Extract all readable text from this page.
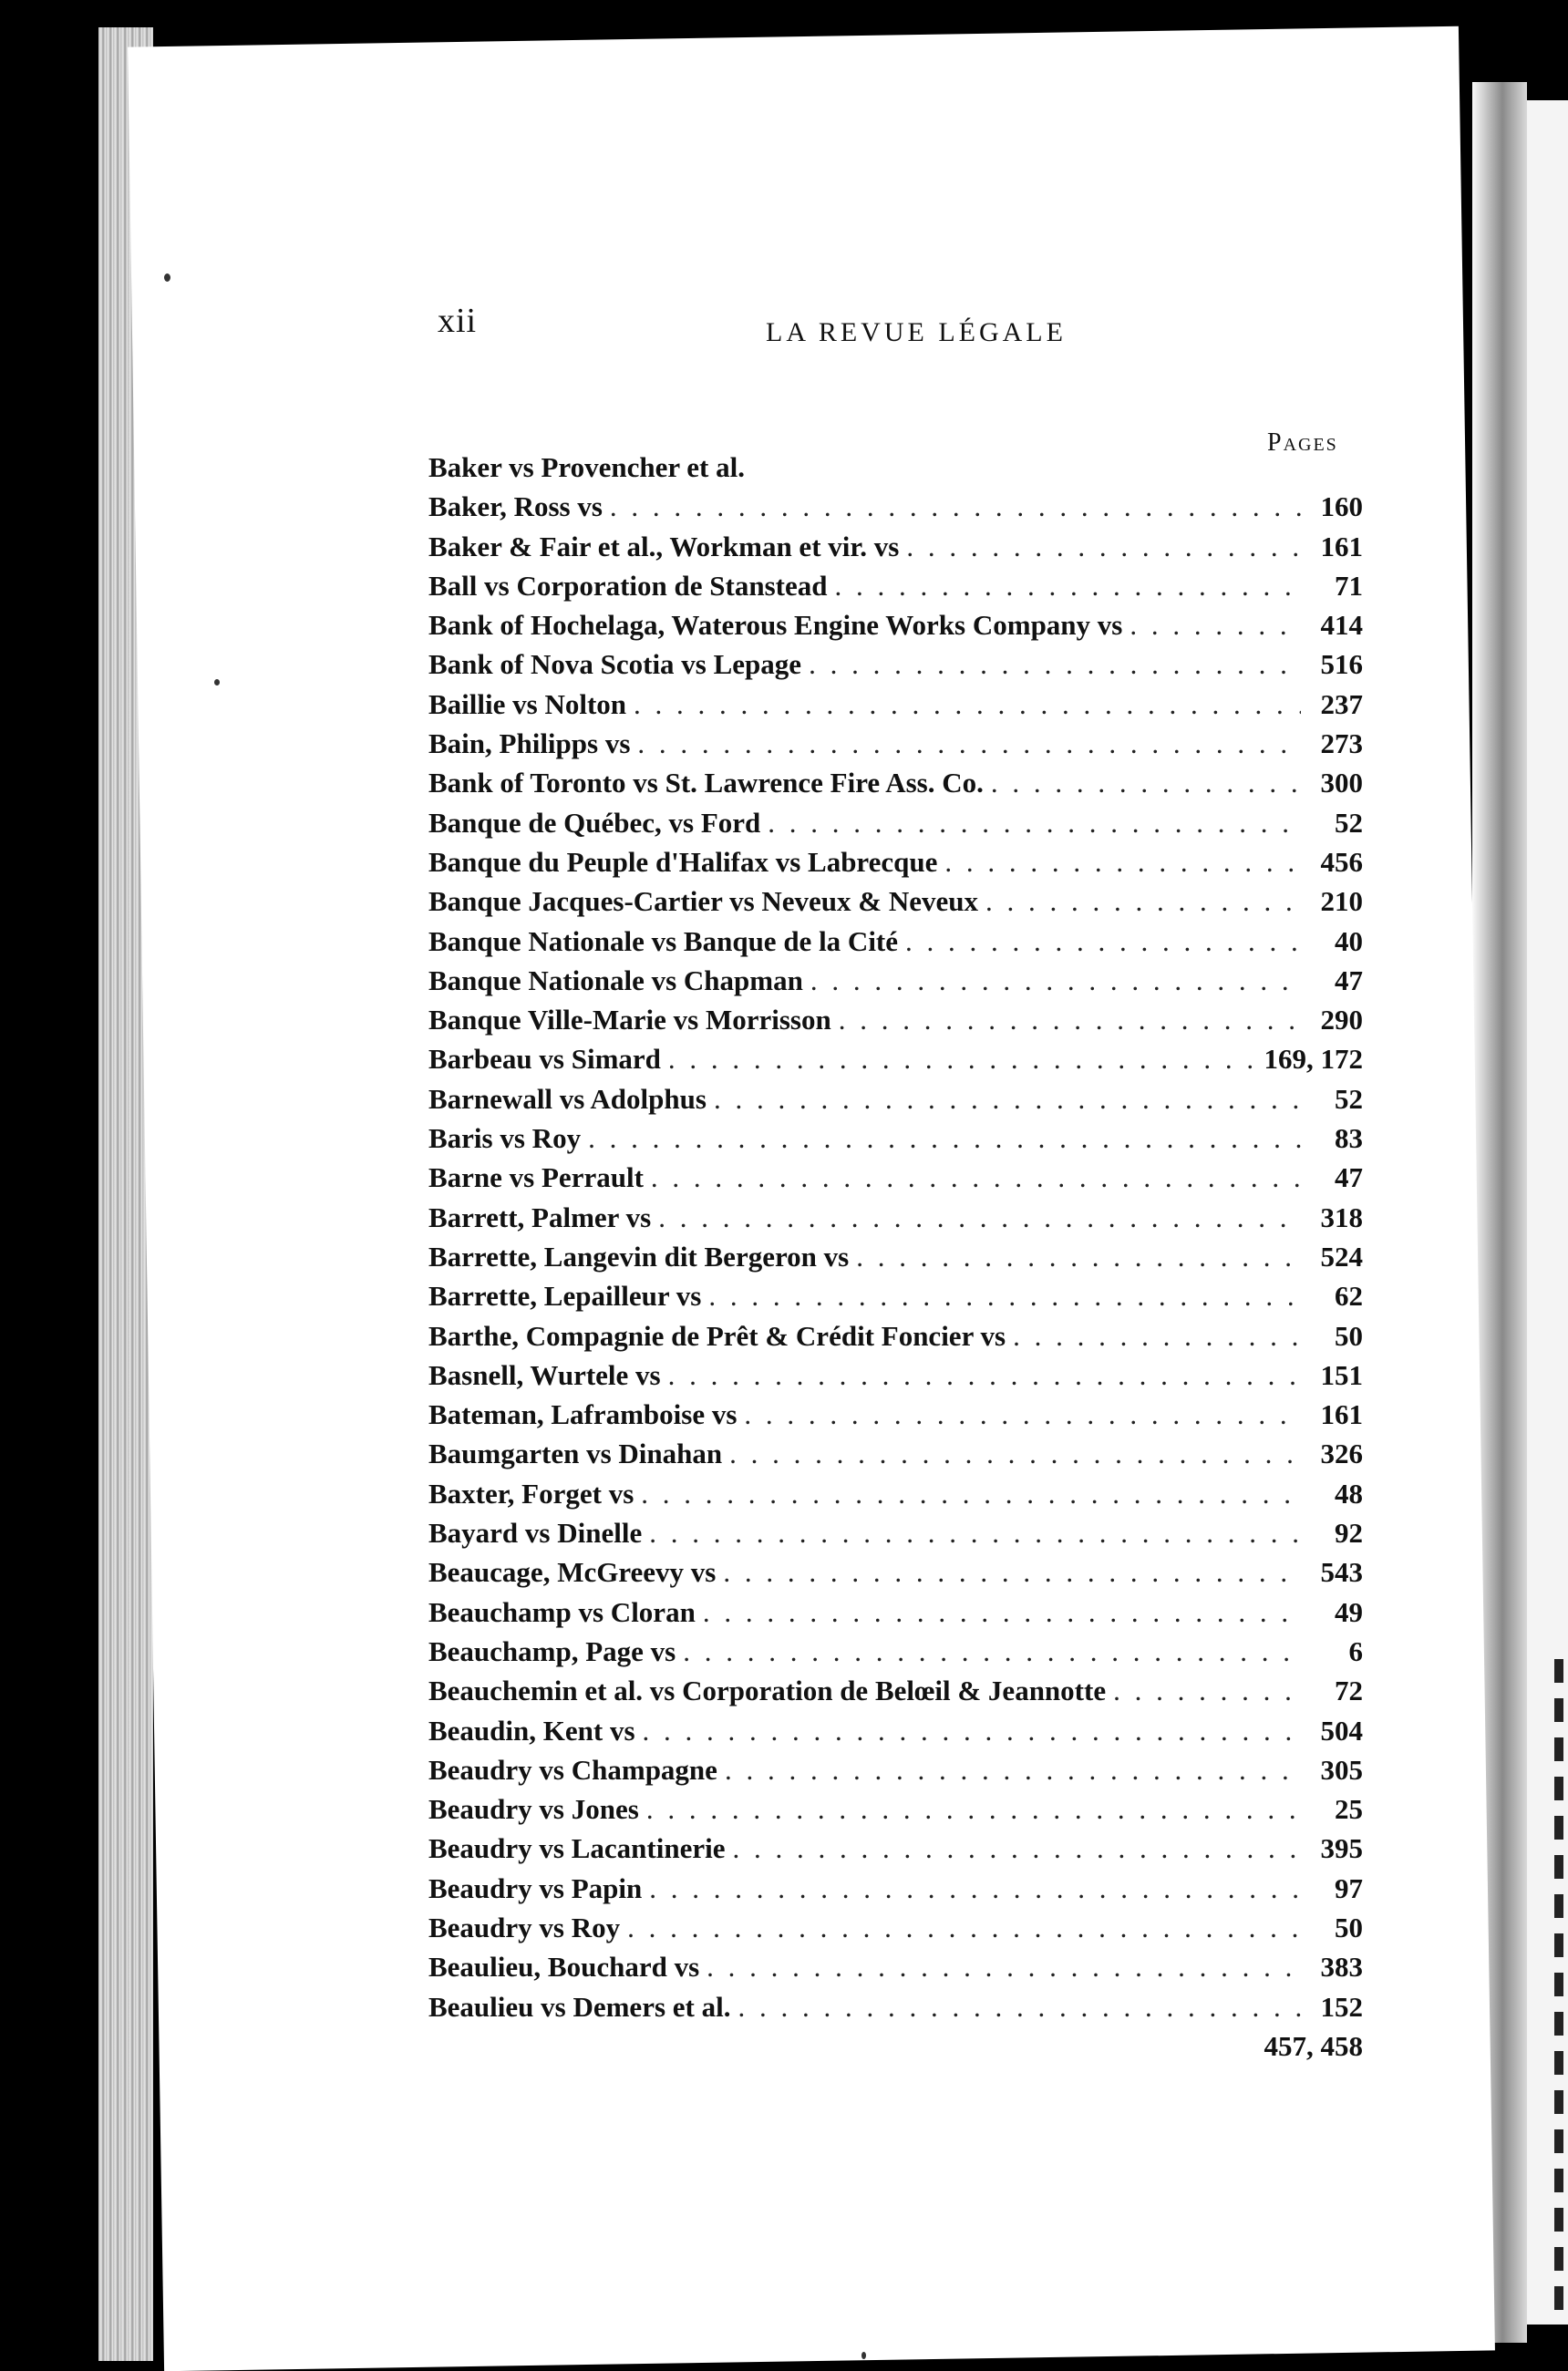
xii	LA REVUE LÉGALE
Pages
Baker vs Provencher et al.
Baker, Ross vs . . .	160
Baker & Fair et al., Workman et vir. vs . . .	161
Ball vs Corporation de Stanstead . . .	71
Bank of Hochelaga, Waterous Engine Works Company vs . . .	414
Bank of Nova Scotia vs Lepage . . .	516
Baillie vs Nolton . . .	237
Bain, Philipps vs . . .	273
Bank of Toronto vs St. Lawrence Fire Ass. Co. . . .	300
Banque de Québec, vs Ford . . .	52
Banque du Peuple d'Halifax vs Labrecque . . .	456
Banque Jacques-Cartier vs Neveux & Neveux . . .	210
Banque Nationale vs Banque de la Cité . . .	40
Banque Nationale vs Chapman . . .	47
Banque Ville-Marie vs Morrisson . . .	290
Barbeau vs Simard . . .	169, 172
Barnewall vs Adolphus . . .	52
Baris vs Roy . . .	83
Barne vs Perrault . . .	47
Barrett, Palmer vs . . .	318
Barrette, Langevin dit Bergeron vs . . .	524
Barrette, Lepailleur vs . . .	62
Barthe, Compagnie de Prêt & Crédit Foncier vs . . .	50
Basnell, Wurtele vs . . .	151
Bateman, Laframboise vs . . .	161
Baumgarten vs Dinahan . . .	326
Baxter, Forget vs . . .	48
Bayard vs Dinelle . . .	92
Beaucage, McGreevy vs . . .	543
Beauchamp vs Cloran . . .	49
Beauchamp, Page vs . . .	6
Beauchemin et al. vs Corporation de Belœil & Jeannotte . . .	72
Beaudin, Kent vs . . .	504
Beaudry vs Champagne . . .	305
Beaudry vs Jones . . .	25
Beaudry vs Lacantinerie . . .	395
Beaudry vs Papin . . .	97
Beaudry vs Roy . . .	50
Beaulieu, Bouchard vs . . .	383
Beaulieu vs Demers et al. . . .	152
457, 458
